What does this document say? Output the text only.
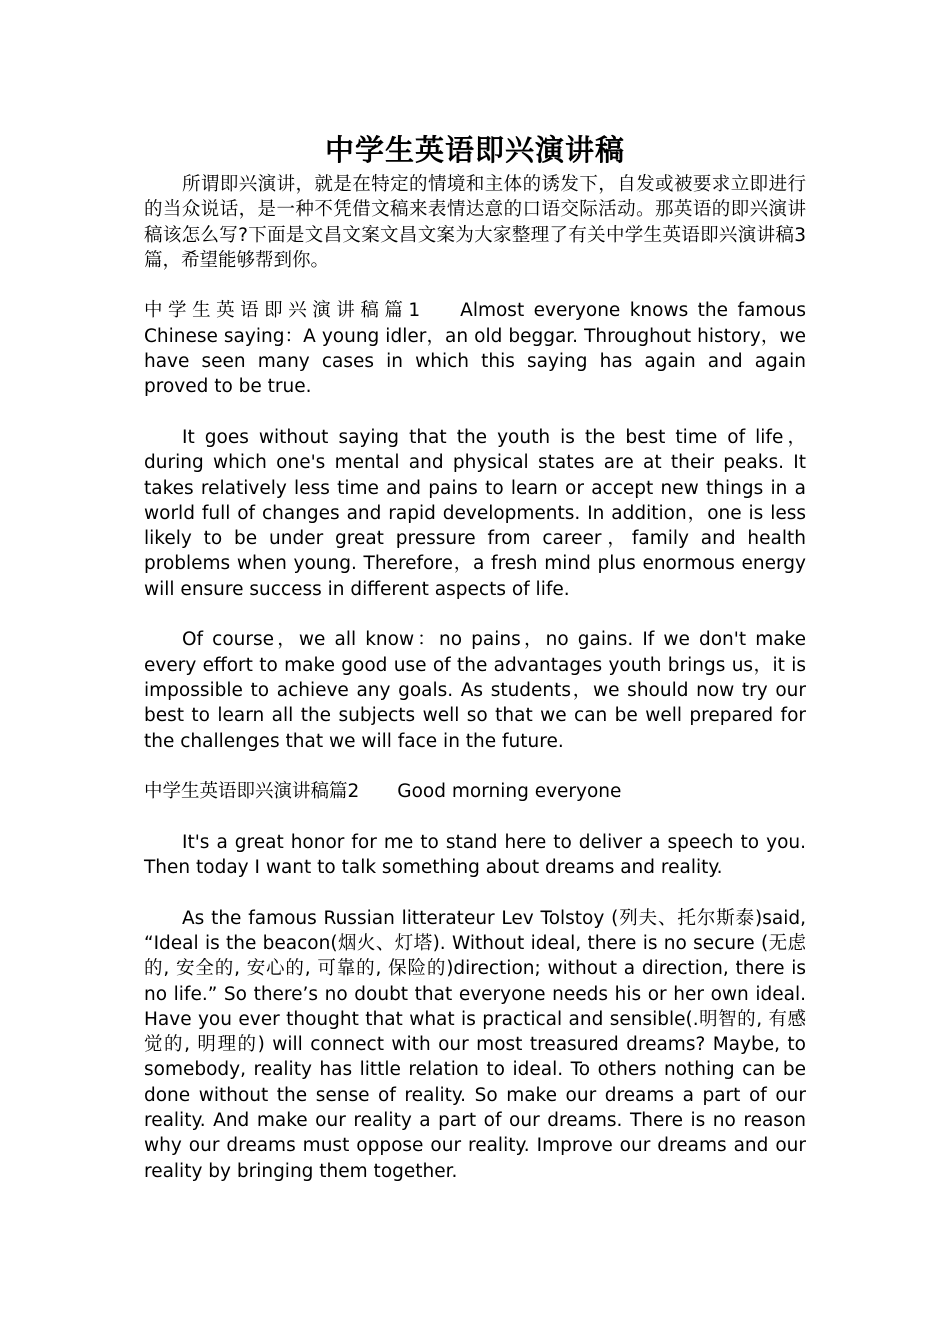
中学生英语即兴演讲稿

所谓即兴演讲，就是在特定的情境和主体的诱发下，自发或被要求立即进行的当众说话，是一种不凭借文稿来表情达意的口语交际活动。那英语的即兴演讲稿该怎么写?下面是文昌文案文昌文案为大家整理了有关中学生英语即兴演讲稿3篇，希望能够帮到你。

中学生英语即兴演讲稿篇1 Almost everyone knows the famous Chinese saying：A young idler，an old beggar. Throughout history，we have seen many cases in which this saying has again and again proved to be true.

It goes without saying that the youth is the best time of life，during which one's mental and physical states are at their peaks. It takes relatively less time and pains to learn or accept new things in a world full of changes and rapid developments. In addition，one is less likely to be under great pressure from career，family and health problems when young. Therefore，a fresh mind plus enormous energy will ensure success in different aspects of life.

Of course，we all know：no pains，no gains. If we don't make every effort to make good use of the advantages youth brings us，it is impossible to achieve any goals. As students，we should now try our best to learn all the subjects well so that we can be well prepared for the challenges that we will face in the future.

中学生英语即兴演讲稿篇2 Good morning everyone

It's a great honor for me to stand here to deliver a speech to you. Then today I want to talk something about dreams and reality.

As the famous Russian litterateur Lev Tolstoy (列夫、托尔斯泰)said, “Ideal is the beacon(烟火、灯塔). Without ideal, there is no secure (无虑的, 安全的, 安心的, 可靠的, 保险的)direction; without a direction, there is no life.” So there’s no doubt that everyone needs his or her own ideal. Have you ever thought that what is practical and sensible(.明智的, 有感觉的, 明理的) will connect with our most treasured dreams? Maybe, to somebody, reality has little relation to ideal. To others nothing can be done without the sense of reality. So make our dreams a part of our reality. And make our reality a part of our dreams. There is no reason why our dreams must oppose our reality. Improve our dreams and our reality by bringing them together.
